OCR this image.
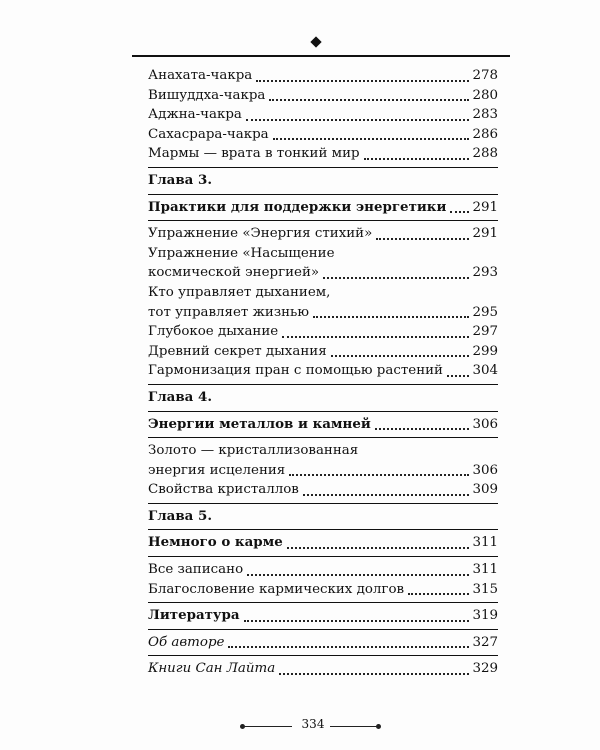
Анахата-чакра	278
Вишуддха-чакра	280
Аджна-чакра	283
Сахасрара-чакра	286
Мармы — врата в тонкий мир	288
Глава 3.
Практики для поддержки энергетики 291
Упражнение «Энергия стихий»	291
Упражнение «Насыщение
космической энергией»	293
Кто управляет дыханием,
тот управляет жизнью	295
Глубокое дыхание	297
Древний секрет дыхания	299
Гармонизация пран с помощью растений 304
Глава 4.
Энергии металлов и камней	306
Золото — кристаллизованная
энергия исцеления	306
Свойства кристаллов	309
Глава 5.
Немного о карме	311
Все записано	311
Благословение кармических долгов	315
Литература	319
Об авторе	327
Книги Сан Лайта	329
334
